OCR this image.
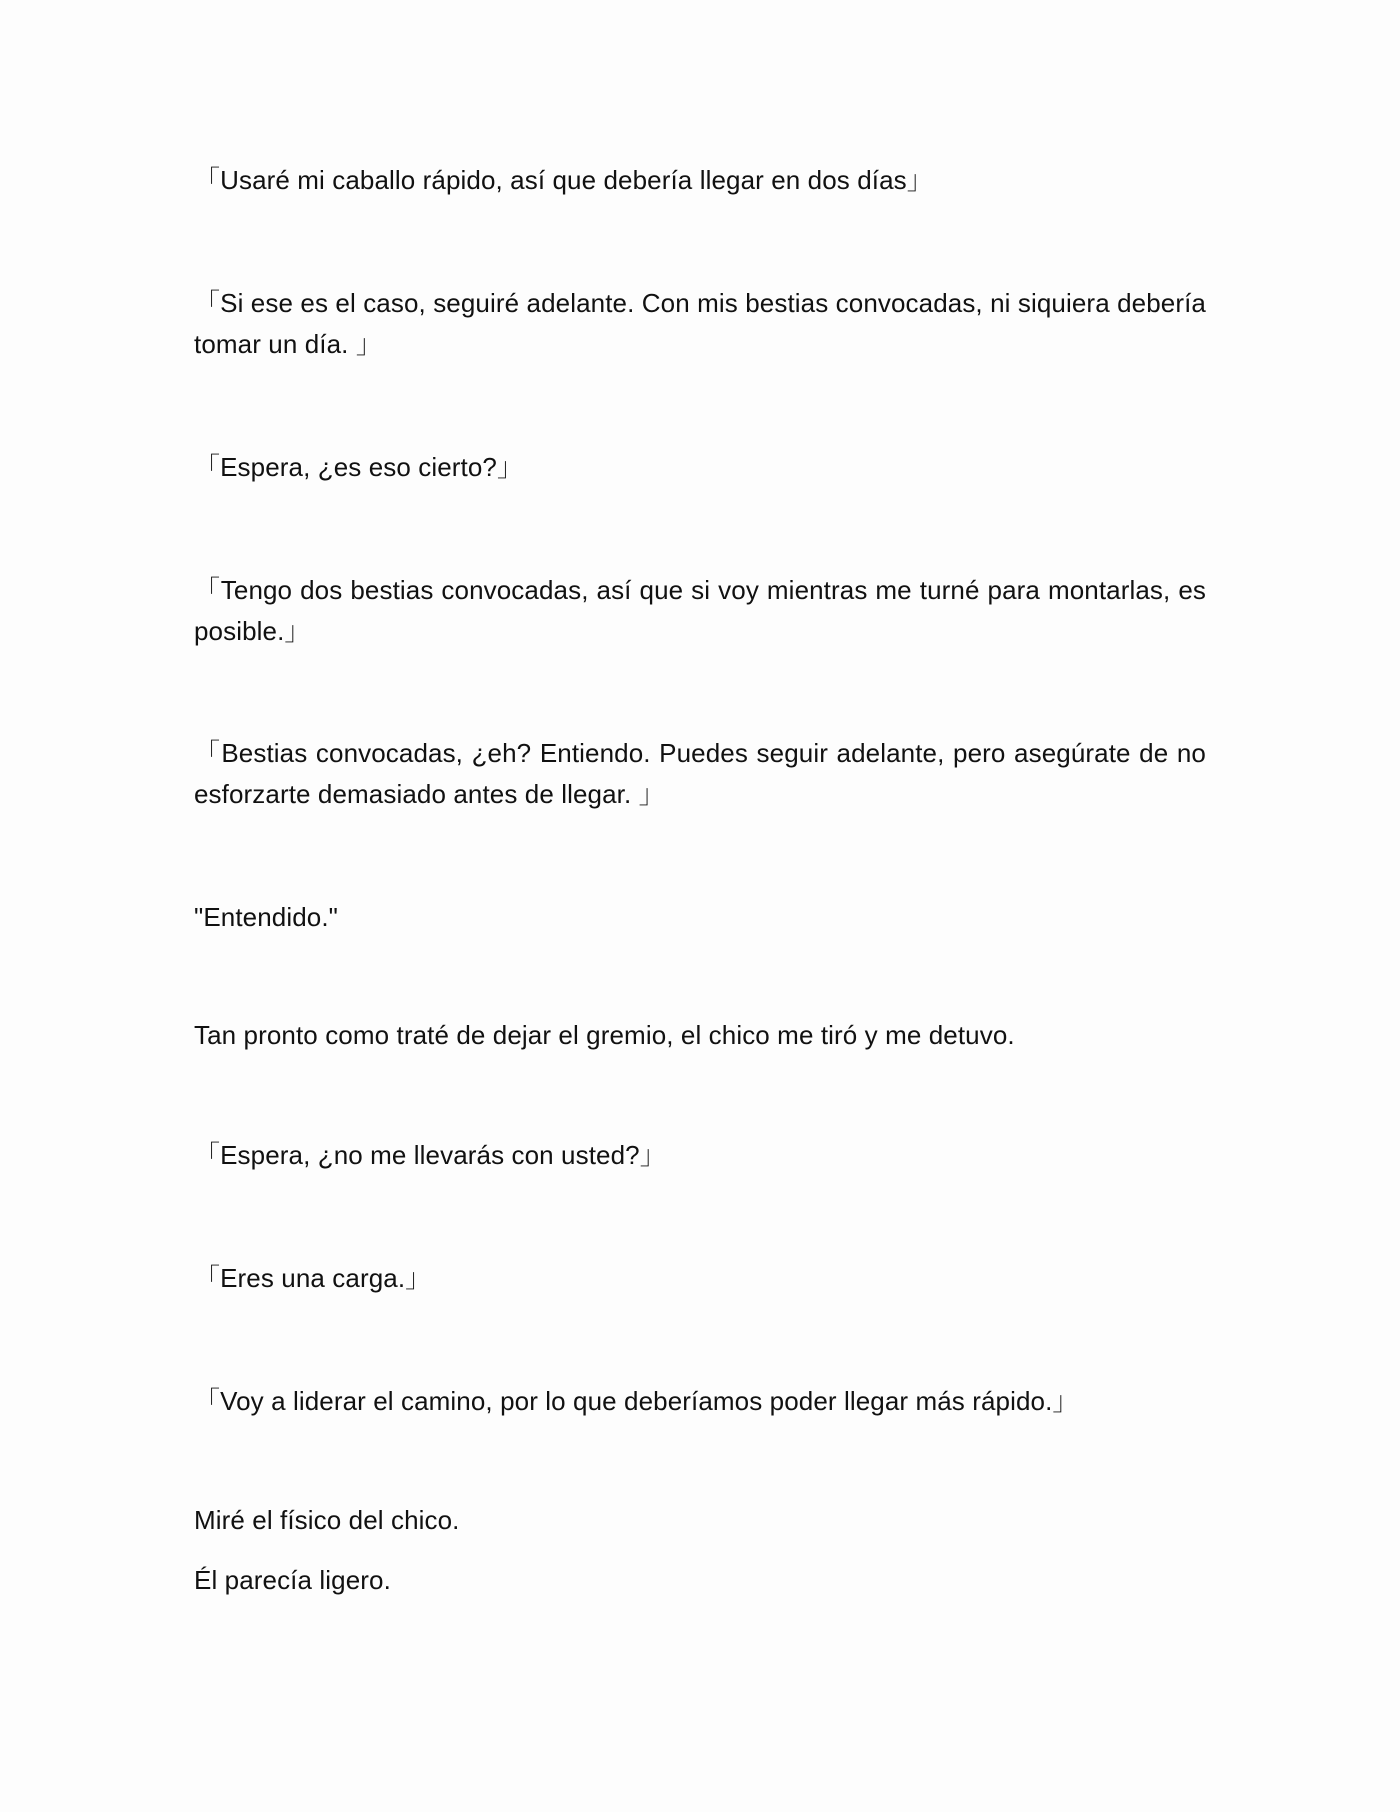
「Usaré mi caballo rápido, así que debería llegar en dos días」

「Si ese es el caso, seguiré adelante. Con mis bestias convocadas, ni siquiera debería tomar un día. 」

「Espera, ¿es eso cierto?」

「Tengo dos bestias convocadas, así que si voy mientras me turné para montarlas, es posible.」

「Bestias convocadas, ¿eh? Entiendo. Puedes seguir adelante, pero asegúrate de no esforzarte demasiado antes de llegar. 」

"Entendido."

Tan pronto como traté de dejar el gremio, el chico me tiró y me detuvo.

「Espera, ¿no me llevarás con usted?」

「Eres una carga.」

「Voy a liderar el camino, por lo que deberíamos poder llegar más rápido.」

Miré el físico del chico.

Él parecía ligero.
